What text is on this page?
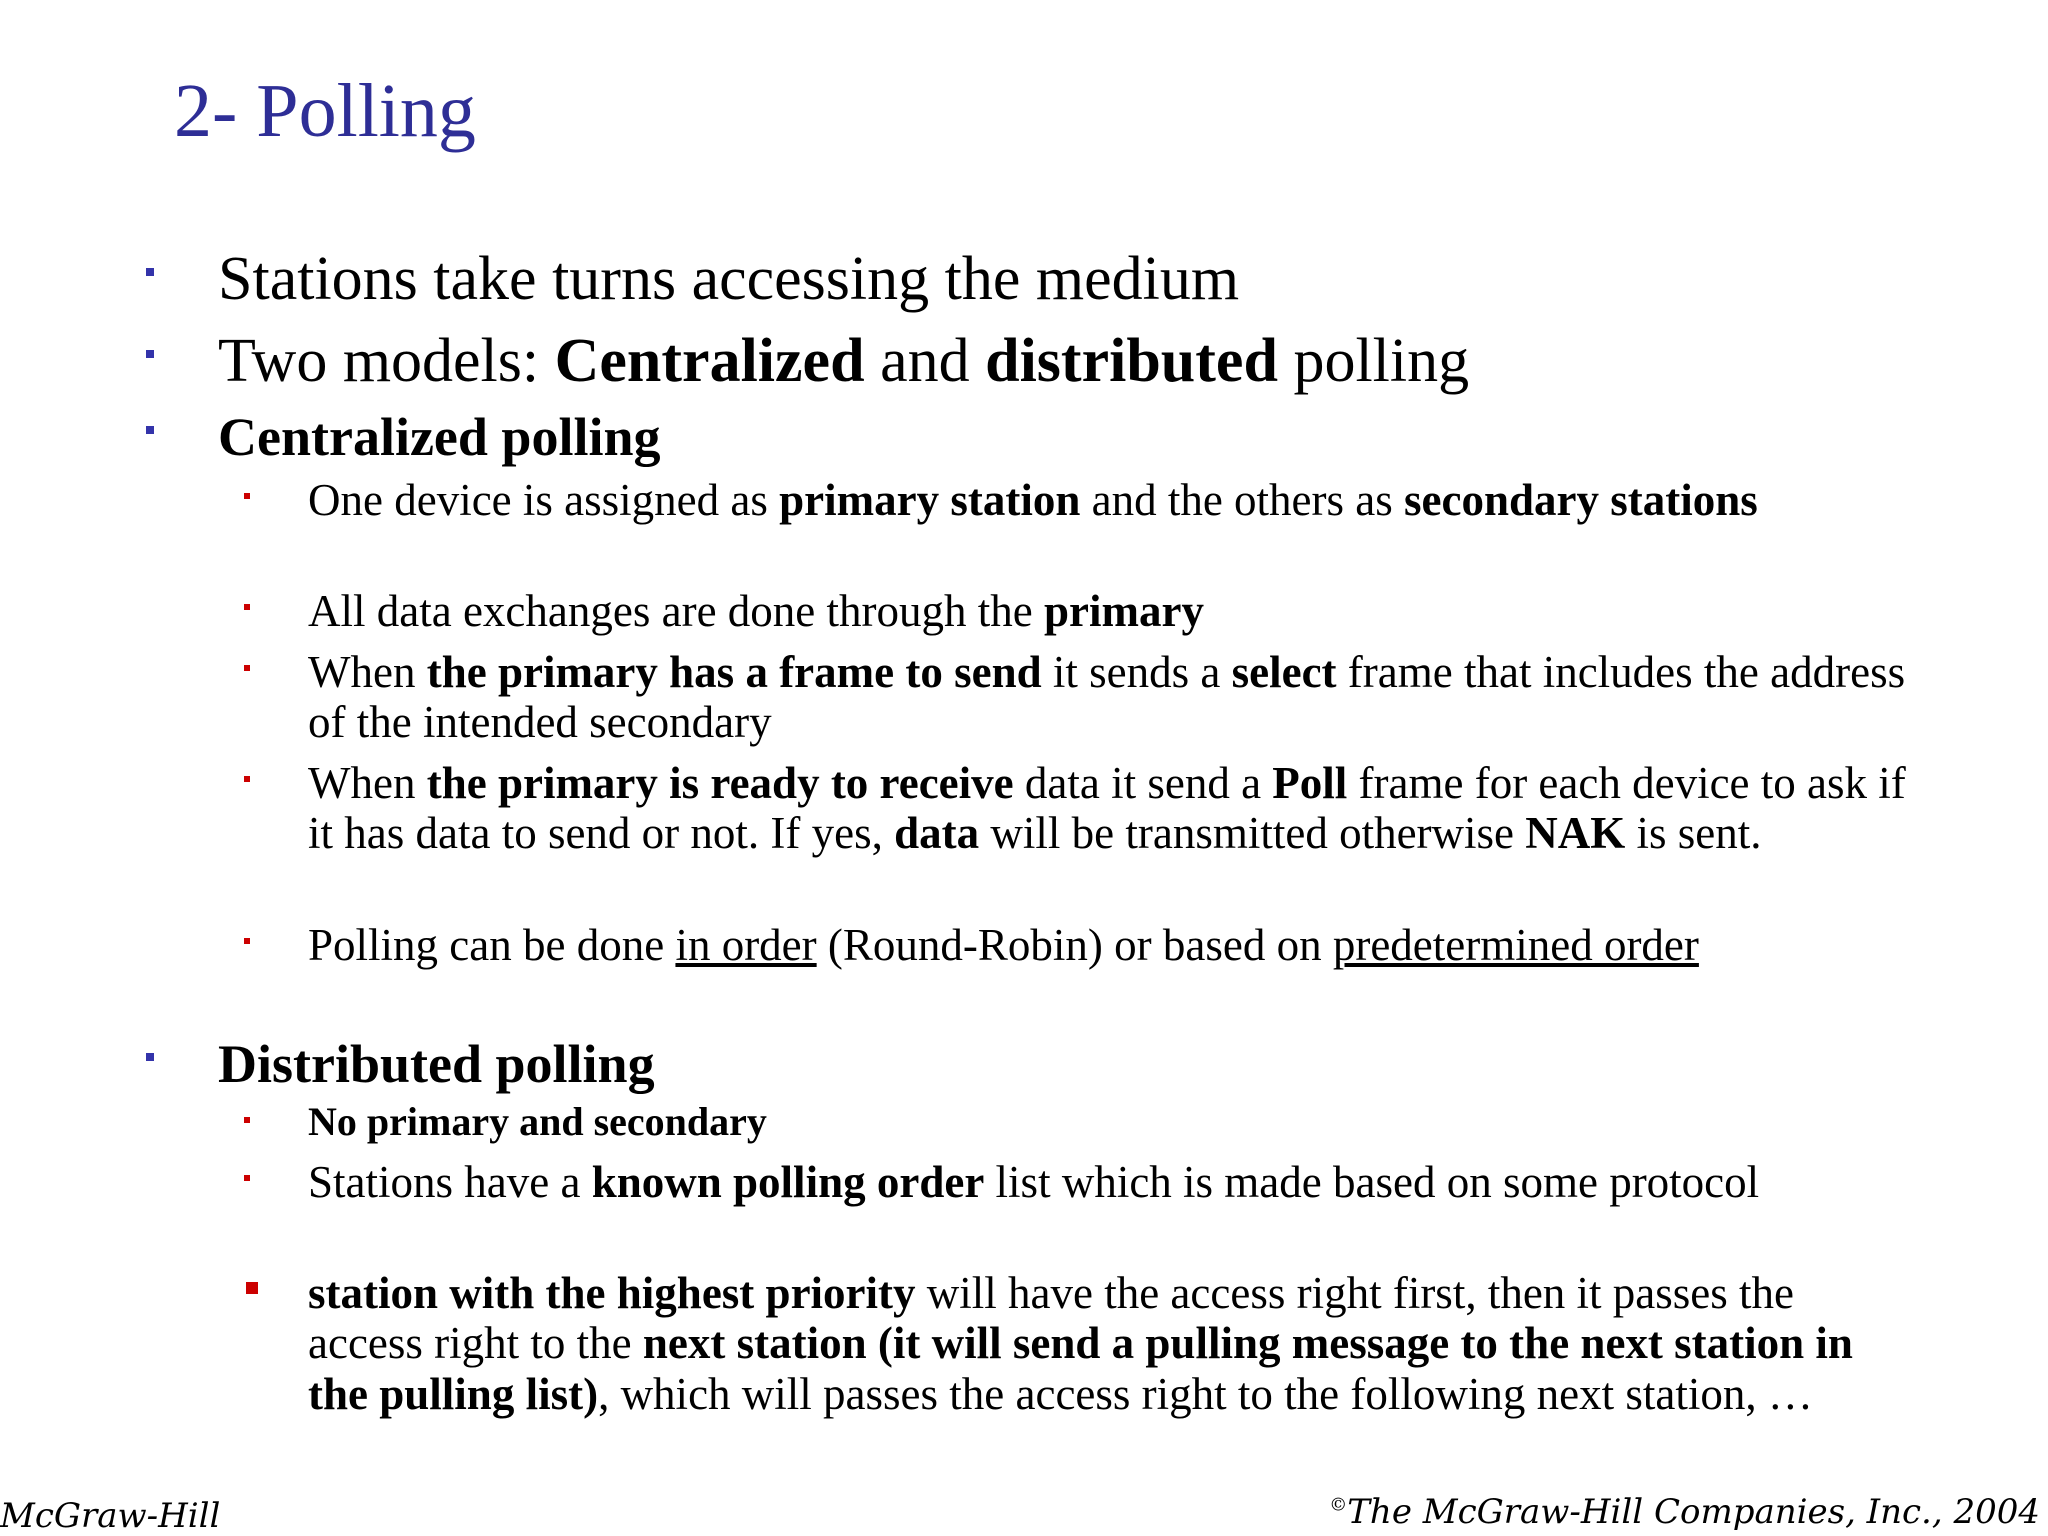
2- Polling
Stations take turns accessing the medium
Two models: Centralized and distributed polling
Centralized polling
One device is assigned as primary station and the others as secondary stations
All data exchanges are done through the primary
When the primary has a frame to send it sends a select frame that includes the address of the intended secondary
When the primary is ready to receive data it send a Poll frame for each device to ask if it has data to send or not. If yes, data will be transmitted otherwise NAK is sent.
Polling can be done in order (Round-Robin) or based on predetermined order
Distributed polling
No primary and secondary
Stations have a known polling order list which is made based on some protocol
station with the highest priority will have the access right first, then it passes the access right to the next station (it will send a pulling message to the next station in the pulling list), which will passes the access right to the following next station, …
McGraw-Hill	©The McGraw-Hill Companies, Inc., 2004
